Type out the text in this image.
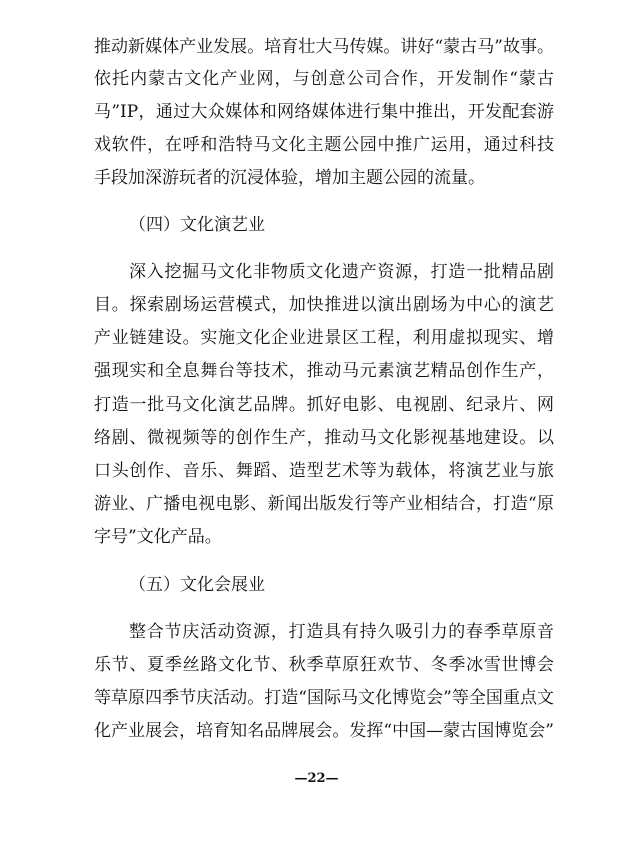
推动新媒体产业发展。培育壮大马传媒。讲好“蒙古马”故事。
依托内蒙古文化产业网，与创意公司合作，开发制作“蒙古
马”IP，通过大众媒体和网络媒体进行集中推出，开发配套游
戏软件，在呼和浩特马文化主题公园中推广运用，通过科技
手段加深游玩者的沉浸体验，增加主题公园的流量。
（四）文化演艺业
深入挖掘马文化非物质文化遗产资源，打造一批精品剧
目。探索剧场运营模式，加快推进以演出剧场为中心的演艺
产业链建设。实施文化企业进景区工程，利用虚拟现实、增
强现实和全息舞台等技术，推动马元素演艺精品创作生产，
打造一批马文化演艺品牌。抓好电影、电视剧、纪录片、网
络剧、微视频等的创作生产，推动马文化影视基地建设。以
口头创作、音乐、舞蹈、造型艺术等为载体，将演艺业与旅
游业、广播电视电影、新闻出版发行等产业相结合，打造“原
字号”文化产品。
（五）文化会展业
整合节庆活动资源，打造具有持久吸引力的春季草原音
乐节、夏季丝路文化节、秋季草原狂欢节、冬季冰雪世博会
等草原四季节庆活动。打造“国际马文化博览会”等全国重点文
化产业展会，培育知名品牌展会。发挥“中国—蒙古国博览会”
—22—
